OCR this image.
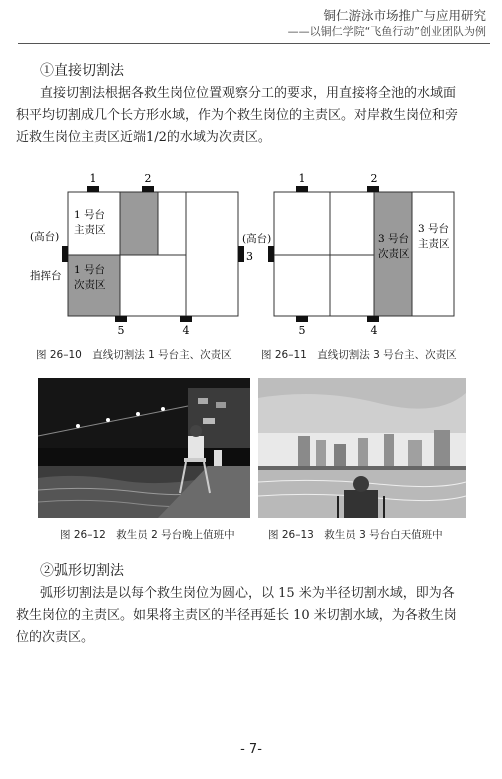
铜仁游泳市场推广与应用研究
——以铜仁学院“飞鱼行动”创业团队为例
①直接切割法
直接切割法根据各救生岗位位置观察分工的要求，用直接将全池的水域面
积平均切割成几个长方形水域，作为个救生岗位的主责区。对岸救生岗位和旁
近救生岗位主责区近端1/2的水域为次责区。
1	2
5	4
(高台)
指挥台
1 号台
主责区
1 号台
次责区
1	2
5	4
(高台)
3
3 号台
次责区
3 号台
主责区
图 26–10　直线切割法 1 号台主、次责区	图 26–11　直线切割法 3 号台主、次责区
图 26–12　救生员 2 号台晚上值班中	图 26–13　救生员 3 号台白天值班中
②弧形切割法
弧形切割法是以每个救生岗位为圆心，以 15 米为半径切割水域，即为各
救生岗位的主责区。如果将主责区的半径再延长 10 米切割水域，为各救生岗
位的次责区。
- 7-
